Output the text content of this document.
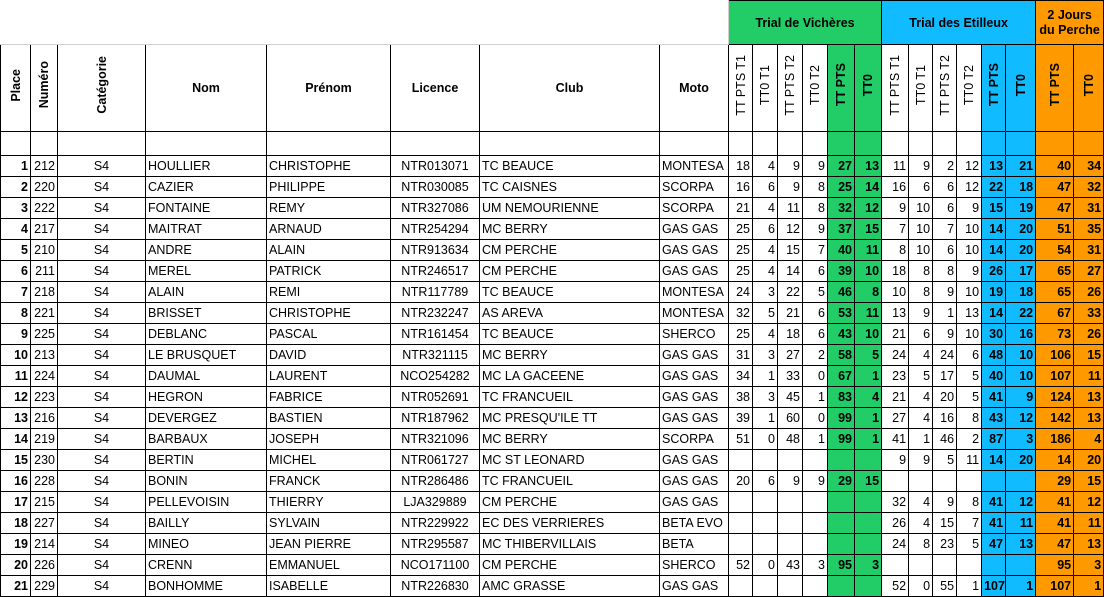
								Trial de Vichères						Trial des Etilleux						2 Jours du Perche	
Place	Numéro	Catégorie	Nom	Prénom	Licence	Club	Moto	TT PTS T1	TT0 T1	TT PTS T2	TT0 T2	TT PTS	TT0	TT PTS T1	TT0 T1	TT PTS T2	TT0 T2	TT PTS	TT0	TT PTS	TT0

1	212	S4	HOULLIER	CHRISTOPHE	NTR013071	TC BEAUCE	MONTESA	18	4	9	9	27	13	11	9	2	12	13	21	40	34
2	220	S4	CAZIER	PHILIPPE	NTR030085	TC CAISNES	SCORPA	16	6	9	8	25	14	16	6	6	12	22	18	47	32
3	222	S4	FONTAINE	REMY	NTR327086	UM NEMOURIENNE	SCORPA	21	4	11	8	32	12	9	10	6	9	15	19	47	31
4	217	S4	MAITRAT	ARNAUD	NTR254294	MC BERRY	GAS GAS	25	6	12	9	37	15	7	10	7	10	14	20	51	35
5	210	S4	ANDRE	ALAIN	NTR913634	CM PERCHE	GAS GAS	25	4	15	7	40	11	8	10	6	10	14	20	54	31
6	211	S4	MEREL	PATRICK	NTR246517	CM PERCHE	GAS GAS	25	4	14	6	39	10	18	8	8	9	26	17	65	27
7	218	S4	ALAIN	REMI	NTR117789	TC BEAUCE	MONTESA	24	3	22	5	46	8	10	8	9	10	19	18	65	26
8	221	S4	BRISSET	CHRISTOPHE	NTR232247	AS AREVA	MONTESA	32	5	21	6	53	11	13	9	1	13	14	22	67	33
9	225	S4	DEBLANC	PASCAL	NTR161454	TC BEAUCE	SHERCO	25	4	18	6	43	10	21	6	9	10	30	16	73	26
10	213	S4	LE BRUSQUET	DAVID	NTR321115	MC BERRY	GAS GAS	31	3	27	2	58	5	24	4	24	6	48	10	106	15
11	224	S4	DAUMAL	LAURENT	NCO254282	MC LA GACEENE	GAS GAS	34	1	33	0	67	1	23	5	17	5	40	10	107	11
12	223	S4	HEGRON	FABRICE	NTR052691	TC FRANCUEIL	GAS GAS	38	3	45	1	83	4	21	4	20	5	41	9	124	13
13	216	S4	DEVERGEZ	BASTIEN	NTR187962	MC PRESQU'ILE TT	GAS GAS	39	1	60	0	99	1	27	4	16	8	43	12	142	13
14	219	S4	BARBAUX	JOSEPH	NTR321096	MC BERRY	SCORPA	51	0	48	1	99	1	41	1	46	2	87	3	186	4
15	230	S4	BERTIN	MICHEL	NTR061727	MC ST LEONARD	GAS GAS							9	9	5	11	14	20	14	20
16	228	S4	BONIN	FRANCK	NTR286486	TC FRANCUEIL	GAS GAS	20	6	9	9	29	15							29	15
17	215	S4	PELLEVOISIN	THIERRY	LJA329889	CM PERCHE	GAS GAS							32	4	9	8	41	12	41	12
18	227	S4	BAILLY	SYLVAIN	NTR229922	EC DES VERRIERES	BETA EVO							26	4	15	7	41	11	41	11
19	214	S4	MINEO	JEAN PIERRE	NTR295587	MC THIBERVILLAIS	BETA							24	8	23	5	47	13	47	13
20	226	S4	CRENN	EMMANUEL	NCO171100	CM PERCHE	SHERCO	52	0	43	3	95	3							95	3
21	229	S4	BONHOMME	ISABELLE	NTR226830	AMC GRASSE	GAS GAS							52	0	55	1	107	1	107	1
